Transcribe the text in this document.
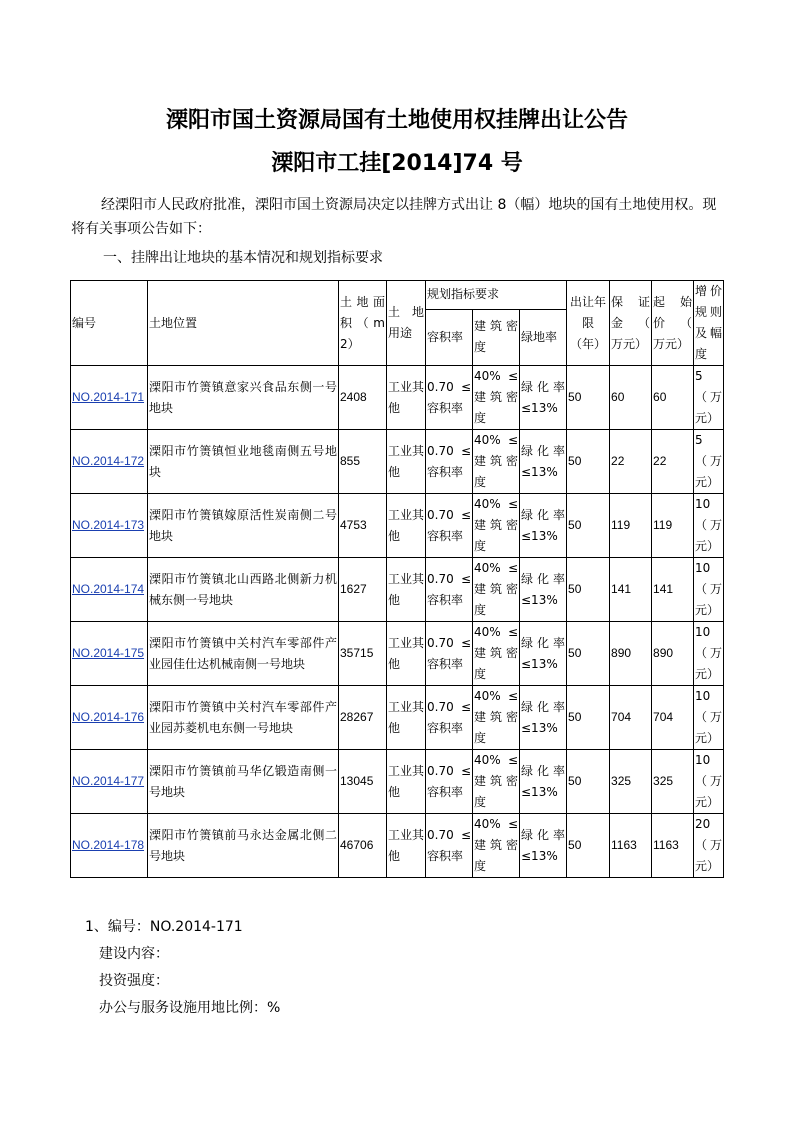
溧阳市国土资源局国有土地使用权挂牌出让公告
溧阳市工挂[2014]74 号
经溧阳市人民政府批准，溧阳市国土资源局决定以挂牌方式出让 8（幅）地块的国有土地使用权。现将有关事项公告如下：
一、挂牌出让地块的基本情况和规划指标要求
编号	土地位置	土地面积（m2）	土 地用途	规划指标要求			出让年限（年）	保 证金（ 万元）	起 始价（ 万元）	增价规则及幅度
				容积率	建筑密度	绿地率				
NO.2014-171	溧阳市竹箦镇意家兴食品东侧一号地块	2408	工业其他	0.70 ≤容积率	40% ≤建筑密度	绿化率≤13%	50	60	60	5 （万元）
NO.2014-172	溧阳市竹箦镇恒业地毯南侧五号地块	855	工业其他	0.70 ≤容积率	40% ≤建筑密度	绿化率≤13%	50	22	22	5 （万元）
NO.2014-173	溧阳市竹箦镇嫁原活性炭南侧二号地块	4753	工业其他	0.70 ≤容积率	40% ≤建筑密度	绿化率≤13%	50	119	119	10 （万元）
NO.2014-174	溧阳市竹箦镇北山西路北侧新力机械东侧一号地块	1627	工业其他	0.70 ≤容积率	40% ≤建筑密度	绿化率≤13%	50	141	141	10 （万元）
NO.2014-175	溧阳市竹箦镇中关村汽车零部件产业园佳仕达机械南侧一号地块	35715	工业其他	0.70 ≤容积率	40% ≤建筑密度	绿化率≤13%	50	890	890	10 （万元）
NO.2014-176	溧阳市竹箦镇中关村汽车零部件产业园苏菱机电东侧一号地块	28267	工业其他	0.70 ≤容积率	40% ≤建筑密度	绿化率≤13%	50	704	704	10 （万元）
NO.2014-177	溧阳市竹箦镇前马华亿锻造南侧一号地块	13045	工业其他	0.70 ≤容积率	40% ≤建筑密度	绿化率≤13%	50	325	325	10 （万元）
NO.2014-178	溧阳市竹箦镇前马永达金属北侧二号地块	46706	工业其他	0.70 ≤容积率	40% ≤建筑密度	绿化率≤13%	50	1163	1163	20 （万元）
1、编号：NO.2014-171
建设内容：
投资强度：
办公与服务设施用地比例：%
